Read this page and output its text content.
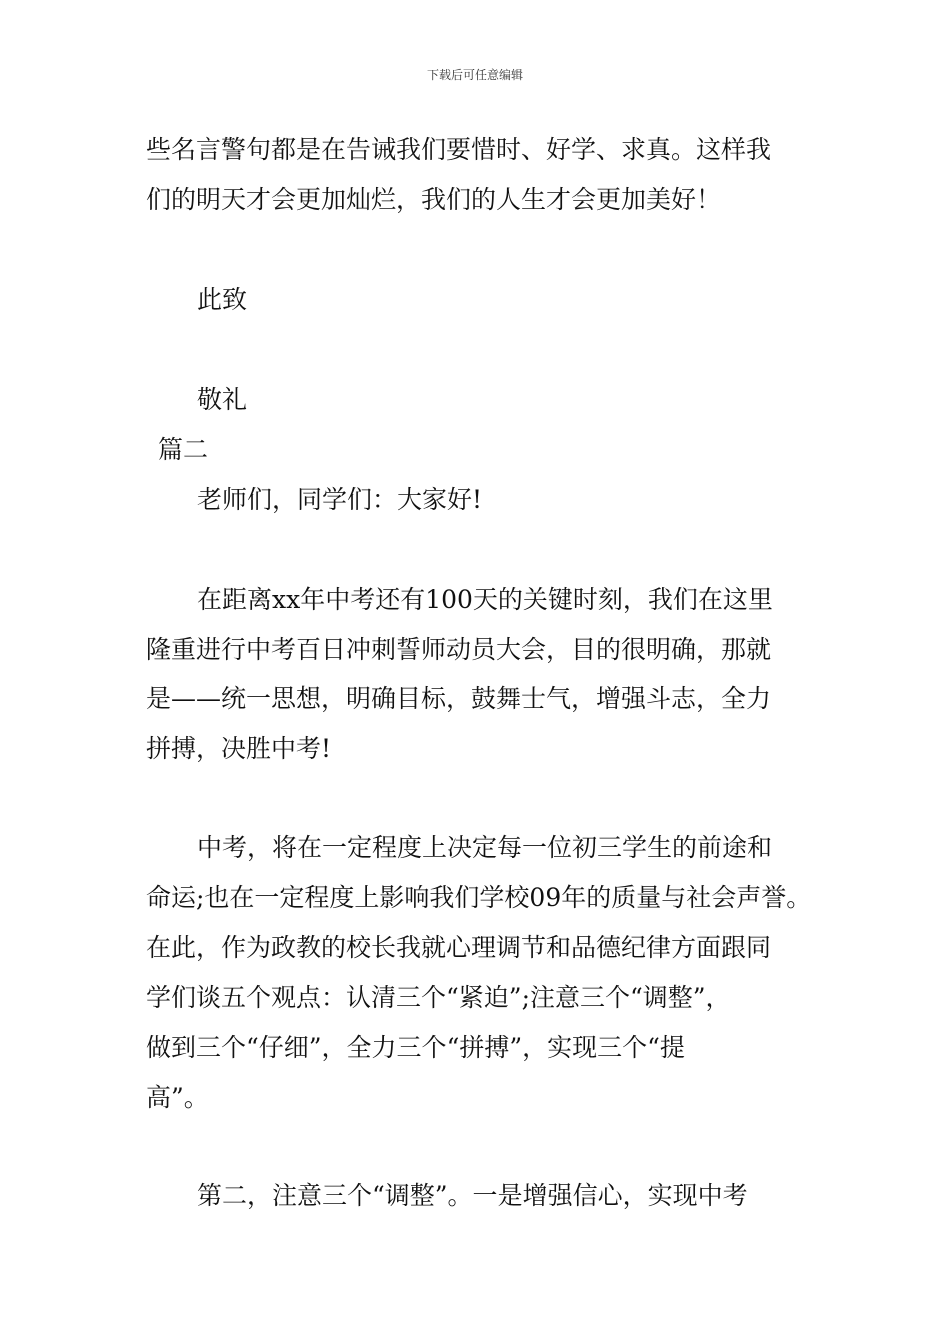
下载后可任意编辑
些名言警句都是在告诫我们要惜时、好学、求真。这样我
们的明天才会更加灿烂，我们的人生才会更加美好！
此致
敬礼
篇二
老师们，同学们：大家好!
在距离xx年中考还有100天的关键时刻，我们在这里
隆重进行中考百日冲刺誓师动员大会，目的很明确，那就
是——统一思想，明确目标，鼓舞士气，增强斗志，全力
拼搏，决胜中考!
中考，将在一定程度上决定每一位初三学生的前途和
命运;也在一定程度上影响我们学校09年的质量与社会声誉。
在此，作为政教的校长我就心理调节和品德纪律方面跟同
学们谈五个观点：认清三个“紧迫”;注意三个“调整”，
做到三个“仔细”，全力三个“拼搏”，实现三个“提
高”。
第二，注意三个“调整”。一是增强信心，实现中考
